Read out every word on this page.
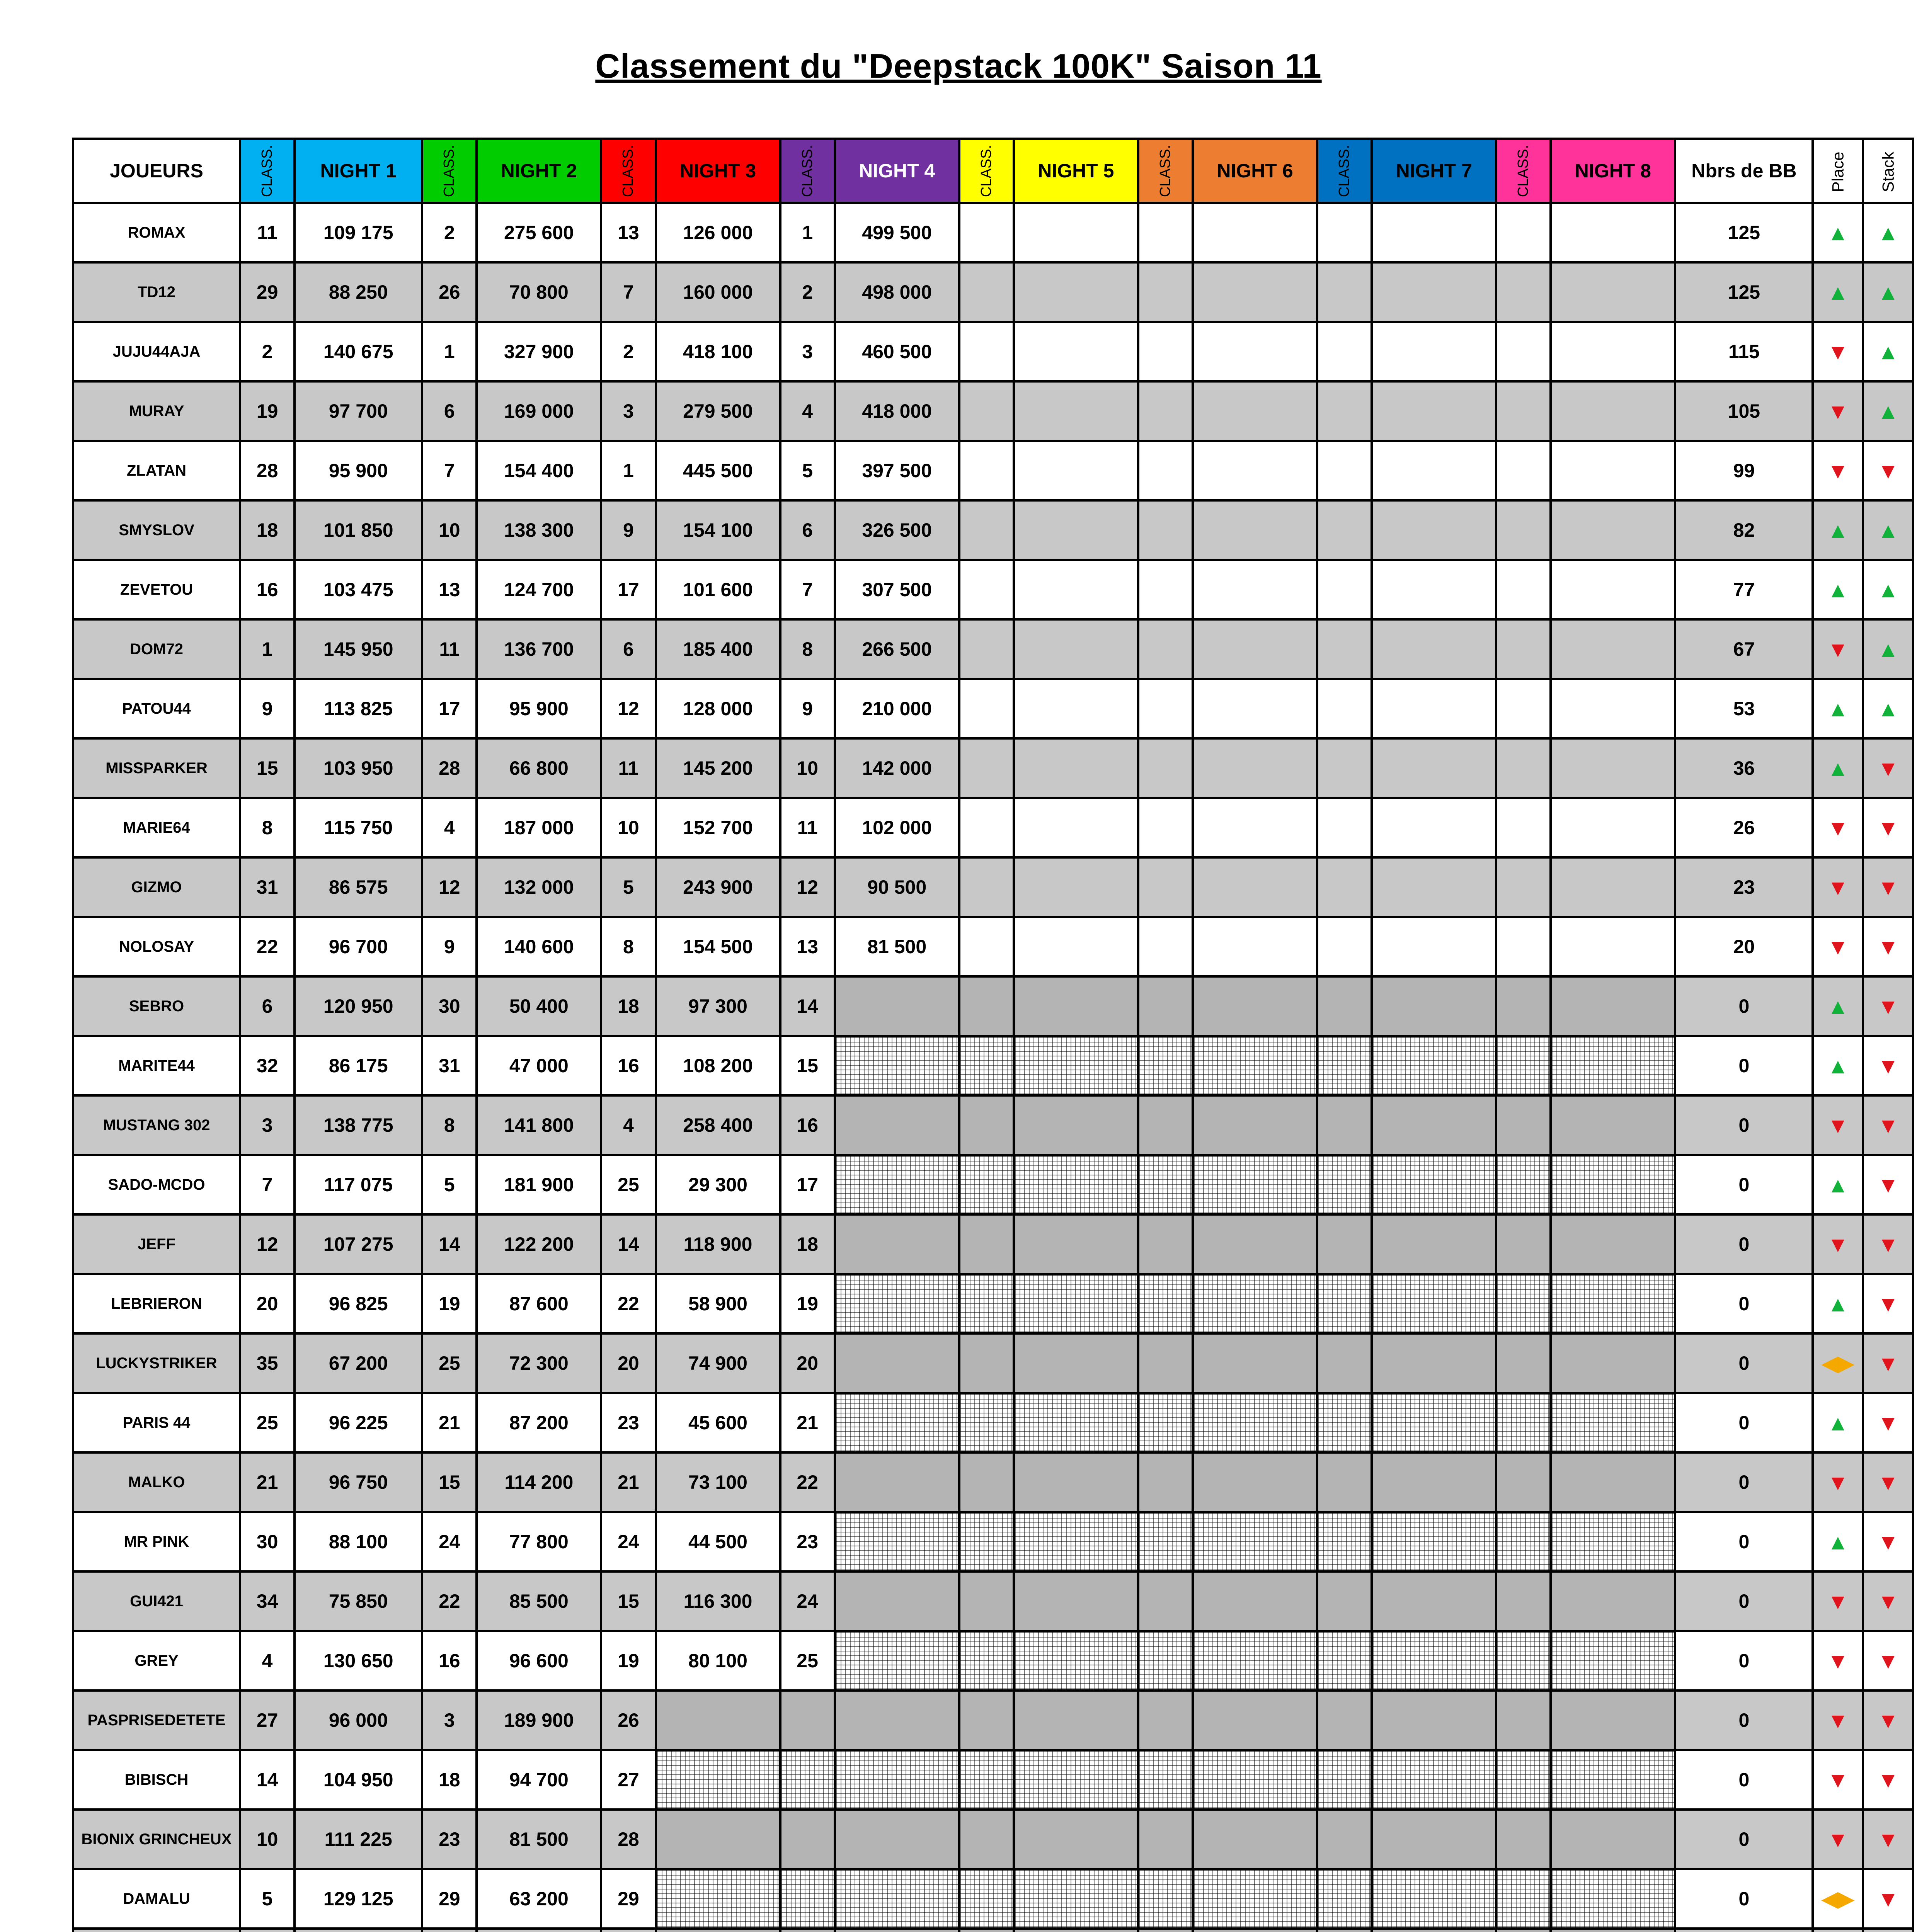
Classement du "Deepstack 100K" Saison 11
JOUEURS	CLASS.	NIGHT 1	CLASS.	NIGHT 2	CLASS.	NIGHT 3	CLASS.	NIGHT 4	CLASS.	NIGHT 5	CLASS.	NIGHT 6	CLASS.	NIGHT 7	CLASS.	NIGHT 8	Nbrs de BB	Place	Stack
ROMAX	11	109 175	2	275 600	13	126 000	1	499 500									125	▲	▲
TD12	29	88 250	26	70 800	7	160 000	2	498 000									125	▲	▲
JUJU44AJA	2	140 675	1	327 900	2	418 100	3	460 500									115	▼	▲
MURAY	19	97 700	6	169 000	3	279 500	4	418 000									105	▼	▲
ZLATAN	28	95 900	7	154 400	1	445 500	5	397 500									99	▼	▼
SMYSLOV	18	101 850	10	138 300	9	154 100	6	326 500									82	▲	▲
ZEVETOU	16	103 475	13	124 700	17	101 600	7	307 500									77	▲	▲
DOM72	1	145 950	11	136 700	6	185 400	8	266 500									67	▼	▲
PATOU44	9	113 825	17	95 900	12	128 000	9	210 000									53	▲	▲
MISSPARKER	15	103 950	28	66 800	11	145 200	10	142 000									36	▲	▼
MARIE64	8	115 750	4	187 000	10	152 700	11	102 000									26	▼	▼
GIZMO	31	86 575	12	132 000	5	243 900	12	90 500									23	▼	▼
NOLOSAY	22	96 700	9	140 600	8	154 500	13	81 500									20	▼	▼
SEBRO	6	120 950	30	50 400	18	97 300	14										0	▲	▼
MARITE44	32	86 175	31	47 000	16	108 200	15										0	▲	▼
MUSTANG 302	3	138 775	8	141 800	4	258 400	16										0	▼	▼
SADO-MCDO	7	117 075	5	181 900	25	29 300	17										0	▲	▼
JEFF	12	107 275	14	122 200	14	118 900	18										0	▼	▼
LEBRIERON	20	96 825	19	87 600	22	58 900	19										0	▲	▼
LUCKYSTRIKER	35	67 200	25	72 300	20	74 900	20										0	◀▶	▼
PARIS 44	25	96 225	21	87 200	23	45 600	21										0	▲	▼
MALKO	21	96 750	15	114 200	21	73 100	22										0	▼	▼
MR PINK	30	88 100	24	77 800	24	44 500	23										0	▲	▼
GUI421	34	75 850	22	85 500	15	116 300	24										0	▼	▼
GREY	4	130 650	16	96 600	19	80 100	25										0	▼	▼
PASPRISEDETETE	27	96 000	3	189 900	26												0	▼	▼
BIBISCH	14	104 950	18	94 700	27												0	▼	▼
BIONIX GRINCHEUX	10	111 225	23	81 500	28												0	▼	▼
DAMALU	5	129 125	29	63 200	29												0	◀▶	▼
